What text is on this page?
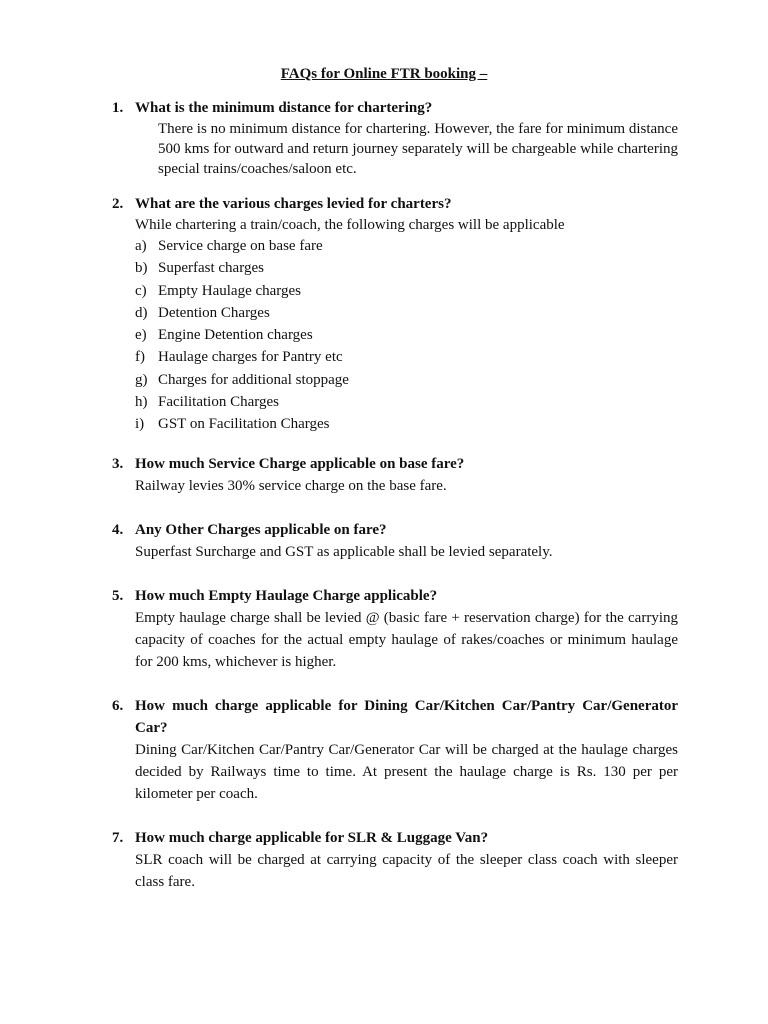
FAQs for Online FTR booking –
1. What is the minimum distance for chartering?
There is no minimum distance for chartering. However, the fare for minimum distance 500 kms for outward and return journey separately will be chargeable while chartering special trains/coaches/saloon etc.
2. What are the various charges levied for charters?
While chartering a train/coach, the following charges will be applicable
a) Service charge on base fare
b) Superfast charges
c) Empty Haulage charges
d) Detention Charges
e) Engine Detention charges
f) Haulage charges for Pantry etc
g) Charges for additional stoppage
h) Facilitation Charges
i) GST on Facilitation Charges
3. How much Service Charge applicable on base fare?
Railway levies 30% service charge on the base fare.
4. Any Other Charges applicable on fare?
Superfast Surcharge and GST as applicable shall be levied separately.
5. How much Empty Haulage Charge applicable?
Empty haulage charge shall be levied @ (basic fare + reservation charge) for the carrying capacity of coaches for the actual empty haulage of rakes/coaches or minimum haulage for 200 kms, whichever is higher.
6. How much charge applicable for Dining Car/Kitchen Car/Pantry Car/Generator Car?
Dining Car/Kitchen Car/Pantry Car/Generator Car will be charged at the haulage charges decided by Railways time to time. At present the haulage charge is Rs. 130 per per kilometer per coach.
7. How much charge applicable for SLR & Luggage Van?
SLR coach will be charged at carrying capacity of the sleeper class coach with sleeper class fare.
